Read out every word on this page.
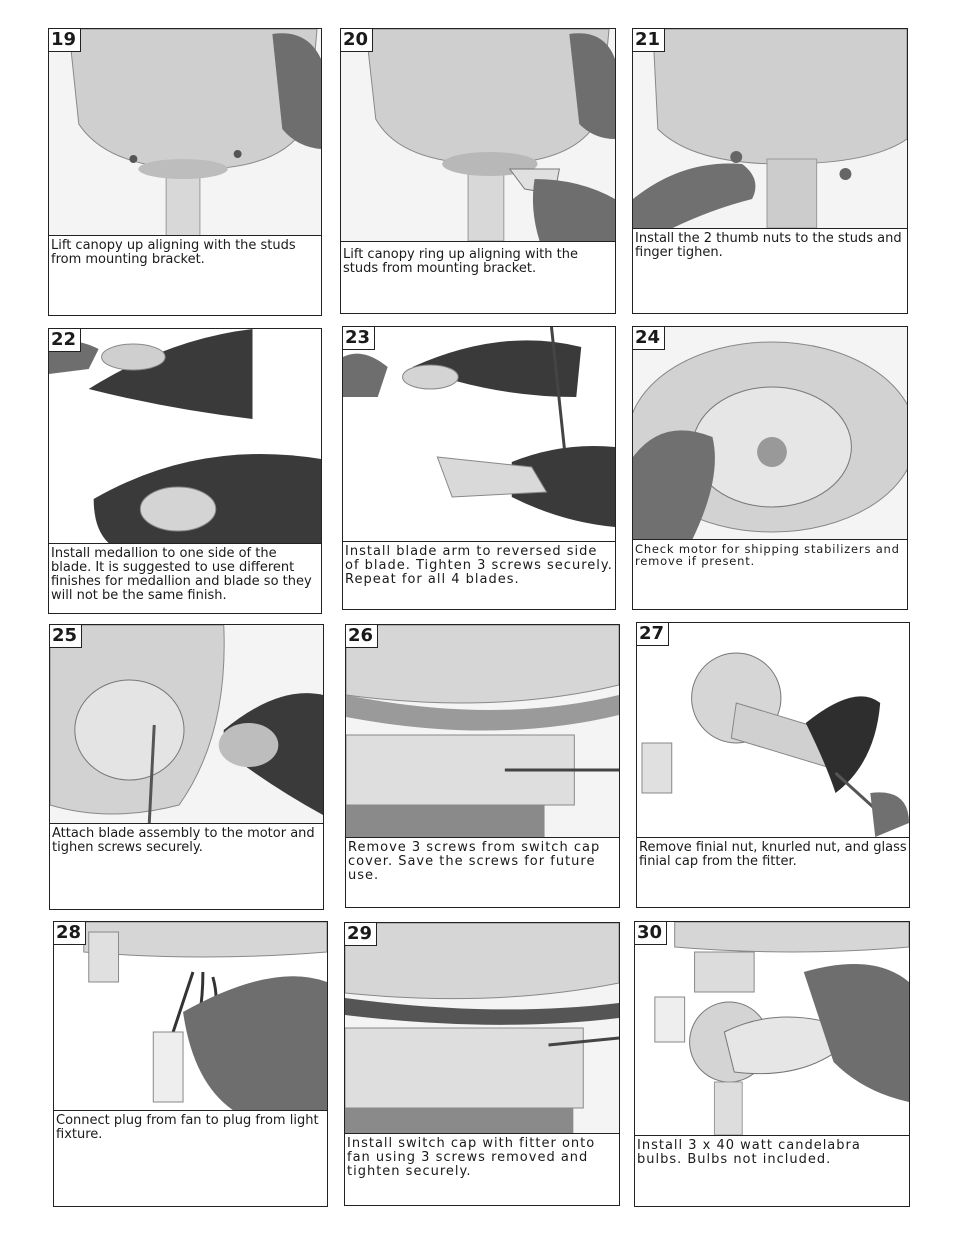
19
Lift canopy up aligning with the studs from mounting bracket.
20
Lift canopy ring up aligning with the studs from mounting bracket.
21
Install the 2 thumb nuts to the studs and finger tighen.
22
Install medallion to one side of the blade. It is suggested to use different finishes for medallion and blade so they will not be the same finish.
23
Install blade arm to reversed side of blade. Tighten 3 screws securely. Repeat for all 4 blades.
24
Check motor for shipping stabilizers and remove if present.
25
Attach blade assembly to the motor and tighen screws securely.
26
Remove 3 screws from switch cap cover. Save the screws for future use.
27
Remove finial nut, knurled nut, and glass finial cap from the fitter.
28
Connect plug from fan to plug from light fixture.
29
Install switch cap with fitter onto fan using 3 screws removed and tighten securely.
30
Install 3 x 40 watt candelabra bulbs. Bulbs not included.
